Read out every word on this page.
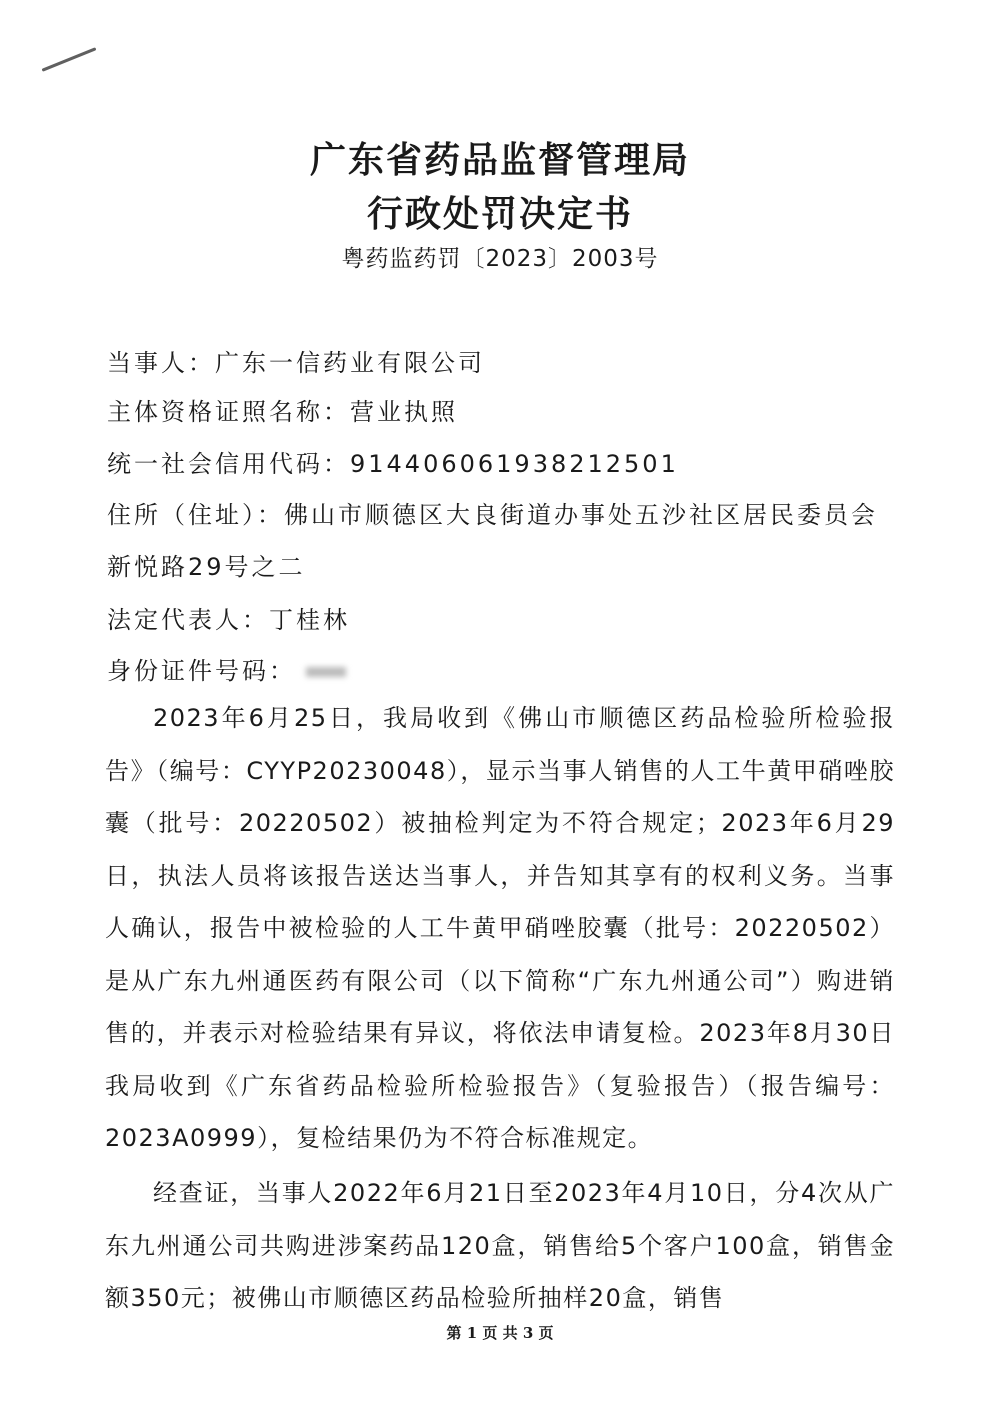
广东省药品监督管理局
行政处罚决定书
粤药监药罚〔2023〕2003号

当事人：广东一信药业有限公司

主体资格证照名称：营业执照

统一社会信用代码：914406061938212501

住所（住址）：佛山市顺德区大良街道办事处五沙社区居民委员会

新悦路29号之二

法定代表人：丁桂林

身份证件号码：

2023年6月25日，我局收到《佛山市顺德区药品检验所检验报告》（编号：CYYP20230048），显示当事人销售的人工牛黄甲硝唑胶囊（批号：20220502）被抽检判定为不符合规定；2023年6月29日，执法人员将该报告送达当事人，并告知其享有的权利义务。当事人确认，报告中被检验的人工牛黄甲硝唑胶囊（批号：20220502）是从广东九州通医药有限公司（以下简称“广东九州通公司”）购进销售的，并表示对检验结果有异议，将依法申请复检。2023年8月30日我局收到《广东省药品检验所检验报告》（复验报告）（报告编号：2023A0999），复检结果仍为不符合标准规定。

经查证，当事人2022年6月21日至2023年4月10日，分4次从广东九州通公司共购进涉案药品120盒，销售给5个客户100盒，销售金额350元；被佛山市顺德区药品检验所抽样20盒，销售

第 1 页 共 3 页
